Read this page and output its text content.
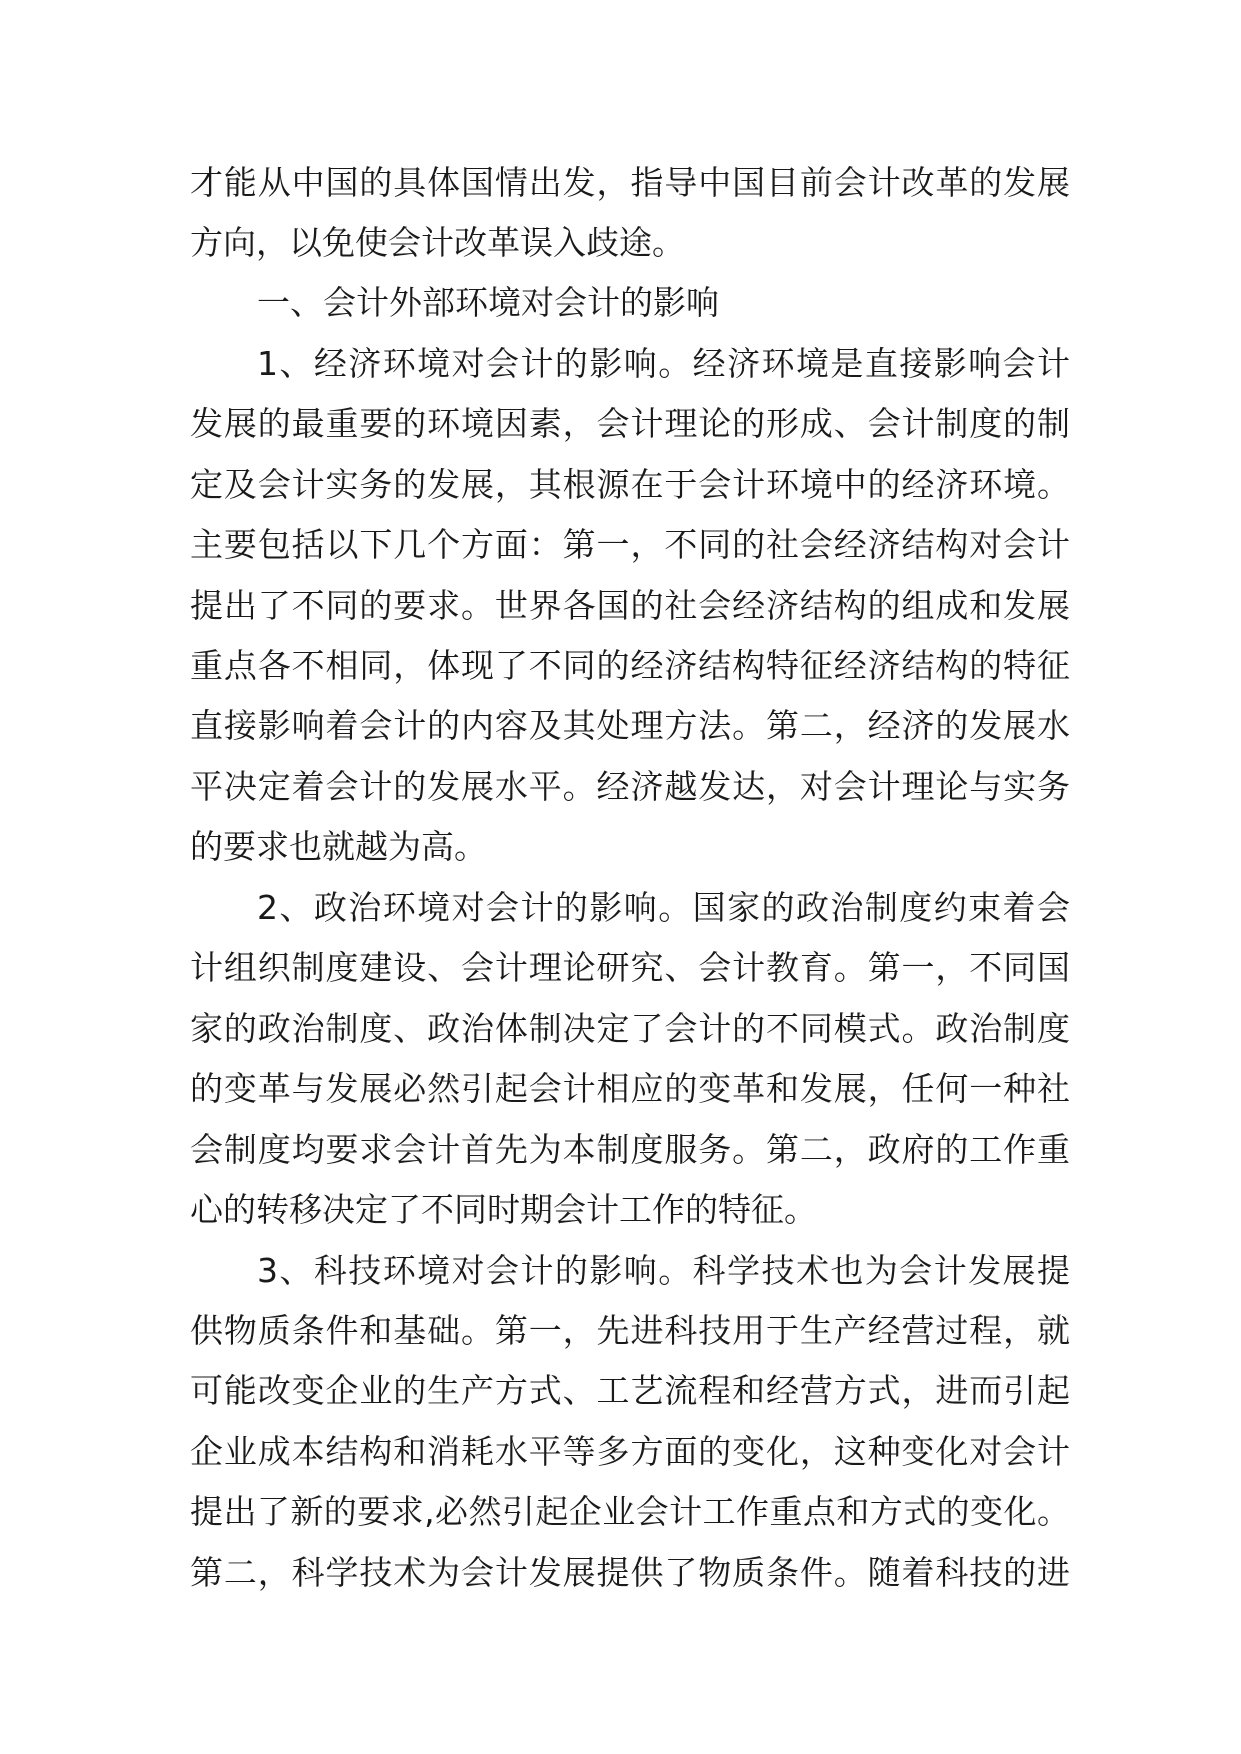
才能从中国的具体国情出发，指导中国目前会计改革的发展

方向，以免使会计改革误入歧途。

一、会计外部环境对会计的影响

1、经济环境对会计的影响。经济环境是直接影响会计

发展的最重要的环境因素，会计理论的形成、会计制度的制

定及会计实务的发展，其根源在于会计环境中的经济环境。

主要包括以下几个方面：第一，不同的社会经济结构对会计

提出了不同的要求。世界各国的社会经济结构的组成和发展

重点各不相同，体现了不同的经济结构特征经济结构的特征

直接影响着会计的内容及其处理方法。第二，经济的发展水

平决定着会计的发展水平。经济越发达，对会计理论与实务

的要求也就越为高。

2、政治环境对会计的影响。国家的政治制度约束着会

计组织制度建设、会计理论研究、会计教育。第一，不同国

家的政治制度、政治体制决定了会计的不同模式。政治制度

的变革与发展必然引起会计相应的变革和发展，任何一种社

会制度均要求会计首先为本制度服务。第二，政府的工作重

心的转移决定了不同时期会计工作的特征。

3、科技环境对会计的影响。科学技术也为会计发展提

供物质条件和基础。第一，先进科技用于生产经营过程，就

可能改变企业的生产方式、工艺流程和经营方式，进而引起

企业成本结构和消耗水平等多方面的变化，这种变化对会计

提出了新的要求,必然引起企业会计工作重点和方式的变化。

第二，科学技术为会计发展提供了物质条件。随着科技的进
